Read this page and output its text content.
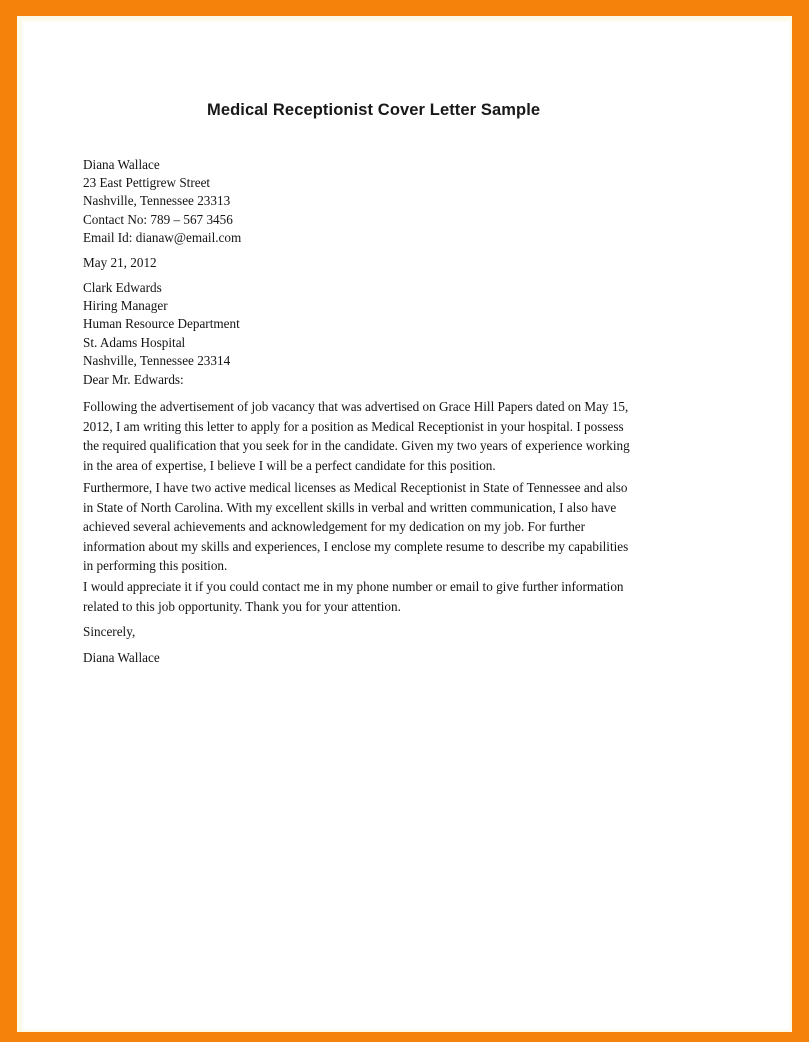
Medical Receptionist Cover Letter Sample
Diana Wallace
23 East Pettigrew Street
Nashville, Tennessee 23313
Contact No: 789 – 567 3456
Email Id: dianaw@email.com
May 21, 2012
Clark Edwards
Hiring Manager
Human Resource Department
St. Adams Hospital
Nashville, Tennessee 23314
Dear Mr. Edwards:
Following the advertisement of job vacancy that was advertised on Grace Hill Papers dated on May 15,
2012, I am writing this letter to apply for a position as Medical Receptionist in your hospital. I possess
the required qualification that you seek for in the candidate. Given my two years of experience working
in the area of expertise, I believe I will be a perfect candidate for this position.
Furthermore, I have two active medical licenses as Medical Receptionist in State of Tennessee and also
in State of North Carolina. With my excellent skills in verbal and written communication, I also have
achieved several achievements and acknowledgement for my dedication on my job. For further
information about my skills and experiences, I enclose my complete resume to describe my capabilities
in performing this position.
I would appreciate it if you could contact me in my phone number or email to give further information
related to this job opportunity. Thank you for your attention.
Sincerely,
Diana Wallace
